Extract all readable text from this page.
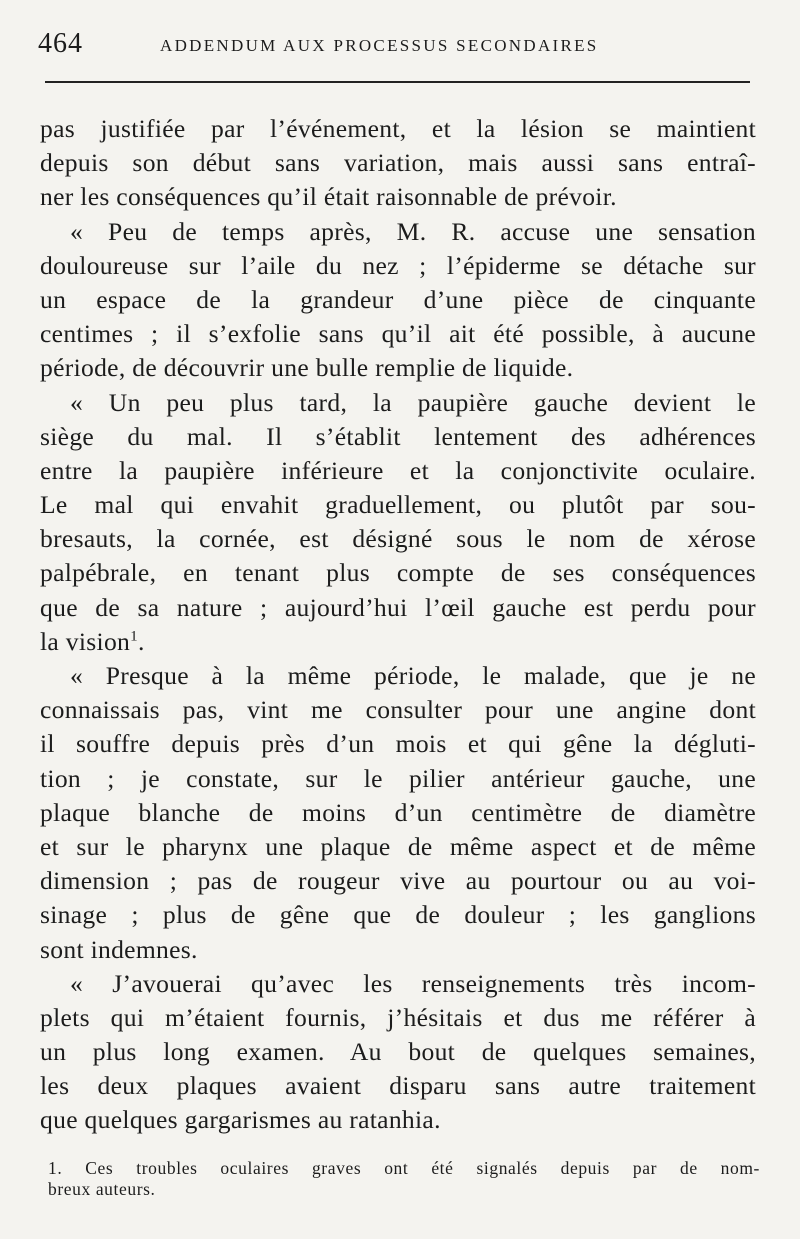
464	ADDENDUM AUX PROCESSUS SECONDAIRES
pas justifiée par l’événement, et la lésion se maintient
depuis son début sans variation, mais aussi sans entraî-
ner les conséquences qu’il était raisonnable de prévoir.
« Peu de temps après, M. R. accuse une sensation
douloureuse sur l’aile du nez ; l’épiderme se détache sur
un espace de la grandeur d’une pièce de cinquante
centimes ; il s’exfolie sans qu’il ait été possible, à aucune
période, de découvrir une bulle remplie de liquide.
« Un peu plus tard, la paupière gauche devient le
siège du mal. Il s’établit lentement des adhérences
entre la paupière inférieure et la conjonctivite oculaire.
Le mal qui envahit graduellement, ou plutôt par sou-
bresauts, la cornée, est désigné sous le nom de xérose
palpébrale, en tenant plus compte de ses conséquences
que de sa nature ; aujourd’hui l’œil gauche est perdu pour
la vision$^1$.
« Presque à la même période, le malade, que je ne
connaissais pas, vint me consulter pour une angine dont
il souffre depuis près d’un mois et qui gêne la dégluti-
tion ; je constate, sur le pilier antérieur gauche, une
plaque blanche de moins d’un centimètre de diamètre
et sur le pharynx une plaque de même aspect et de même
dimension ; pas de rougeur vive au pourtour ou au voi-
sinage ; plus de gêne que de douleur ; les ganglions
sont indemnes.
« J’avouerai qu’avec les renseignements très incom-
plets qui m’étaient fournis, j’hésitais et dus me référer à
un plus long examen. Au bout de quelques semaines,
les deux plaques avaient disparu sans autre traitement
que quelques gargarismes au ratanhia.
1. Ces troubles oculaires graves ont été signalés depuis par de nom-
breux auteurs.
